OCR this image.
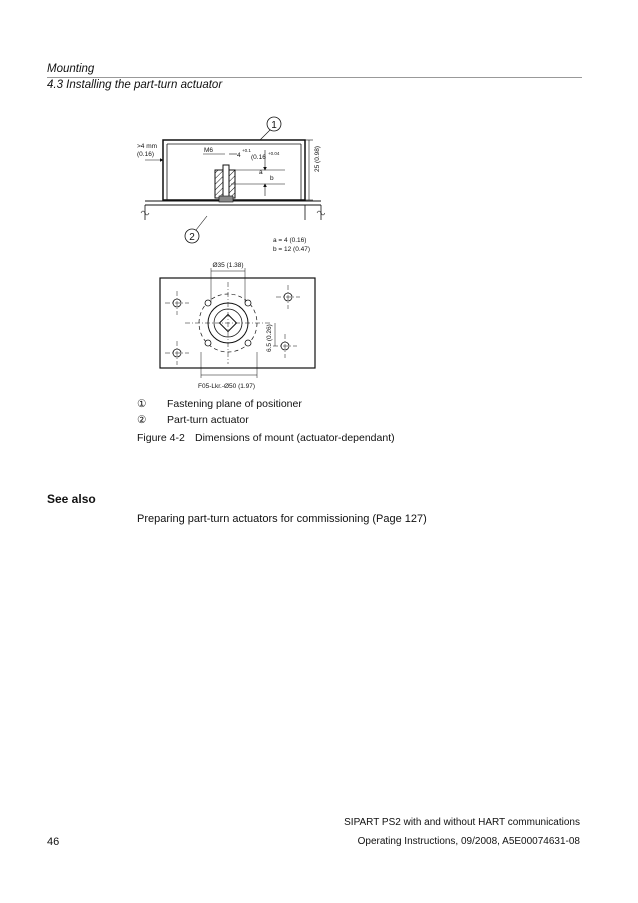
Mounting
4.3 Installing the part-turn actuator
1
2
>4 mm
(0.16)
M6
4
+0.1
(0.16
+0.04
a
b
25 (0.98)
a = 4 (0.16)
b = 12 (0.47)
Ø35 (1.38)
6.5 (0.26)
F05-Lkr.-Ø50 (1.97)
①	Fastening plane of positioner
②	Part-turn actuator
Figure 4-2 Dimensions of mount (actuator-dependant)
See also
Preparing part-turn actuators for commissioning (Page 127)
46
SIPART PS2 with and without HART communications
Operating Instructions, 09/2008, A5E00074631-08
